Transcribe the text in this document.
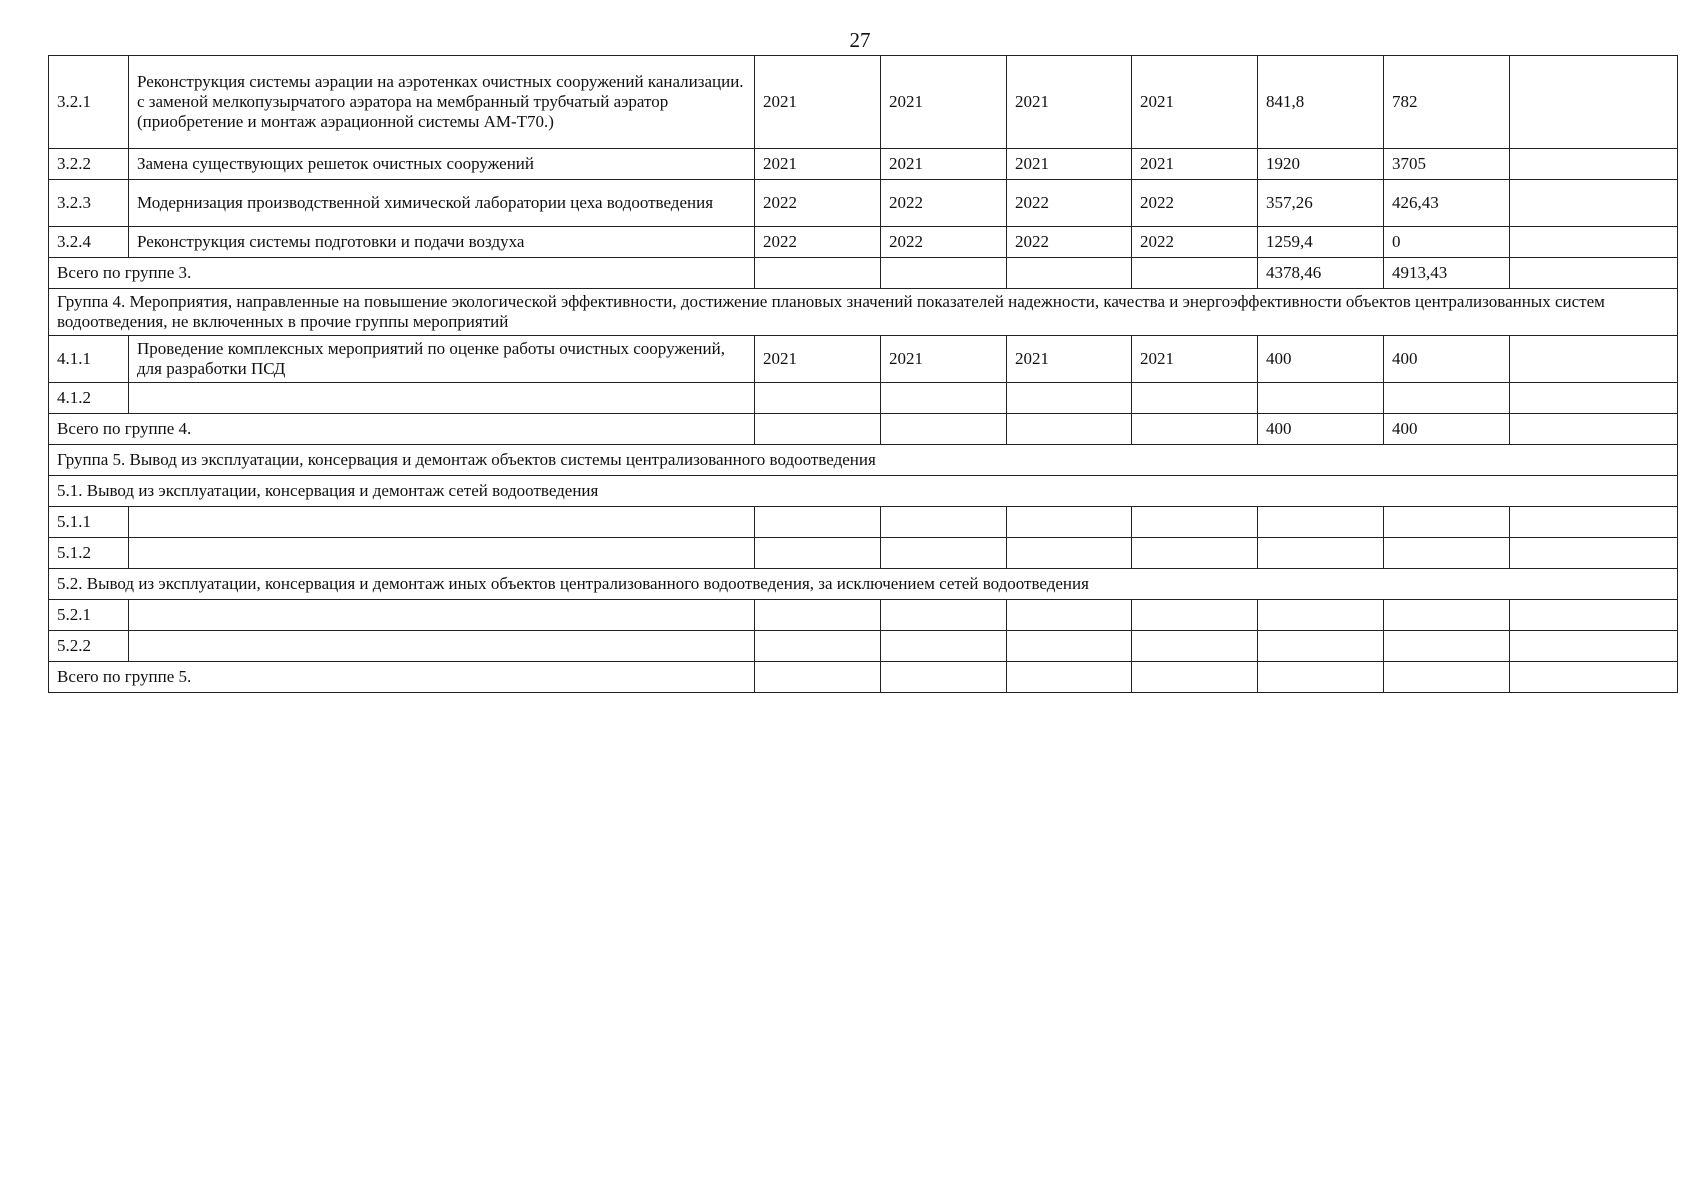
27
3.2.1	Реконструкция системы аэрации на аэротенках очистных сооружений канализации. с заменой мелкопузырчатого аэратора на мембранный трубчатый аэратор (приобретение и монтаж аэрационной системы АМ-Т70.)	2021	2021	2021	2021	841,8	782	
3.2.2	Замена существующих решеток очистных сооружений	2021	2021	2021	2021	1920	3705	
3.2.3	Модернизация производственной химической лаборатории цеха водоотведения	2022	2022	2022	2022	357,26	426,43	
3.2.4	Реконструкция системы подготовки и подачи воздуха	2022	2022	2022	2022	1259,4	0	
Всего по группе 3.						4378,46	4913,43	
Группа 4. Мероприятия, направленные на повышение экологической эффективности, достижение плановых значений показателей надежности, качества и энергоэффективности объектов централизованных систем водоотведения, не включенных в прочие группы мероприятий								
4.1.1	Проведение комплексных мероприятий по оценке работы очистных сооружений, для разработки ПСД	2021	2021	2021	2021	400	400	
4.1.2								
Всего по группе 4.						400	400	
Группа 5. Вывод из эксплуатации, консервация и демонтаж объектов системы централизованного водоотведения								
5.1. Вывод из эксплуатации, консервация и демонтаж сетей водоотведения								
5.1.1								
5.1.2								
5.2. Вывод из эксплуатации, консервация и демонтаж иных объектов централизованного водоотведения, за исключением сетей водоотведения								
5.2.1								
5.2.2								
Всего по группе 5.								
